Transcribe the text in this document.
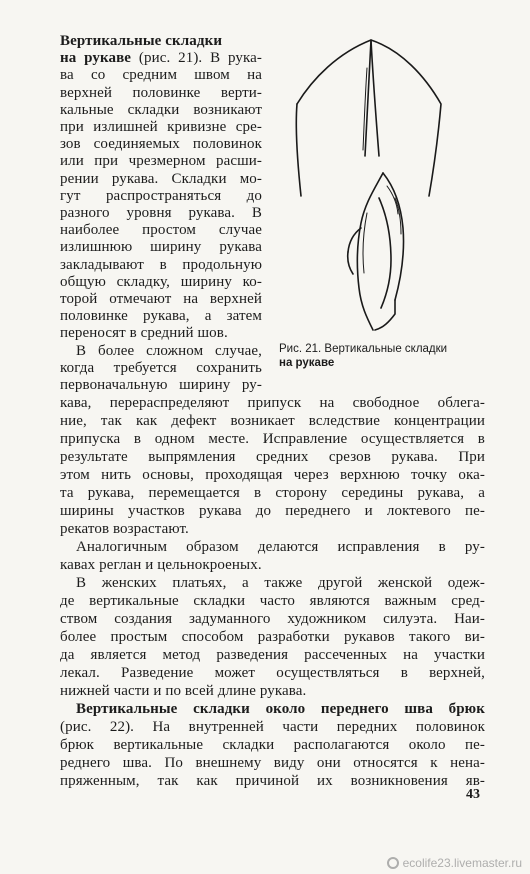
Вертикальные складки
на рукаве (рис. 21). В рука-
ва со средним швом на
верхней половинке верти-
кальные складки возникают
при излишней кривизне сре-
зов соединяемых половинок
или при чрезмерном расши-
рении рукава. Складки мо-
гут распространяться до
разного уровня рукава. В
наиболее простом случае
излишнюю ширину рукава
закладывают в продольную
общую складку, ширину ко-
торой отмечают на верхней
половинке рукава, а затем
переносят в средний шов.
В более сложном случае,
когда требуется сохранить
первоначальную ширину ру-
кава, перераспределяют припуск на свободное облега-
ние, так как дефект возникает вследствие концентрации
припуска в одном месте. Исправление осуществляется в
результате выпрямления средних срезов рукава. При
этом нить основы, проходящая через верхнюю точку ока-
та рукава, перемещается в сторону середины рукава, а
ширины участков рукава до переднего и локтевого пе-
рекатов возрастают.
Аналогичным образом делаются исправления в ру-
кавах реглан и цельнокроеных.
В женских платьях, а также другой женской одеж-
де вертикальные складки часто являются важным сред-
ством создания задуманного художником силуэта. Наи-
более простым способом разработки рукавов такого ви-
да является метод разведения рассеченных на участки
лекал. Разведение может осуществляться в верхней,
нижней части и по всей длине рукава.
Вертикальные складки около переднего шва брюк
(рис. 22). На внутренней части передних половинок
брюк вертикальные складки располагаются около пе-
реднего шва. По внешнему виду они относятся к нена-
пряженным, так как причиной их возникновения яв-
Рис. 21. Вертикальные складки
на рукаве
43
ecolife23.livemaster.ru
